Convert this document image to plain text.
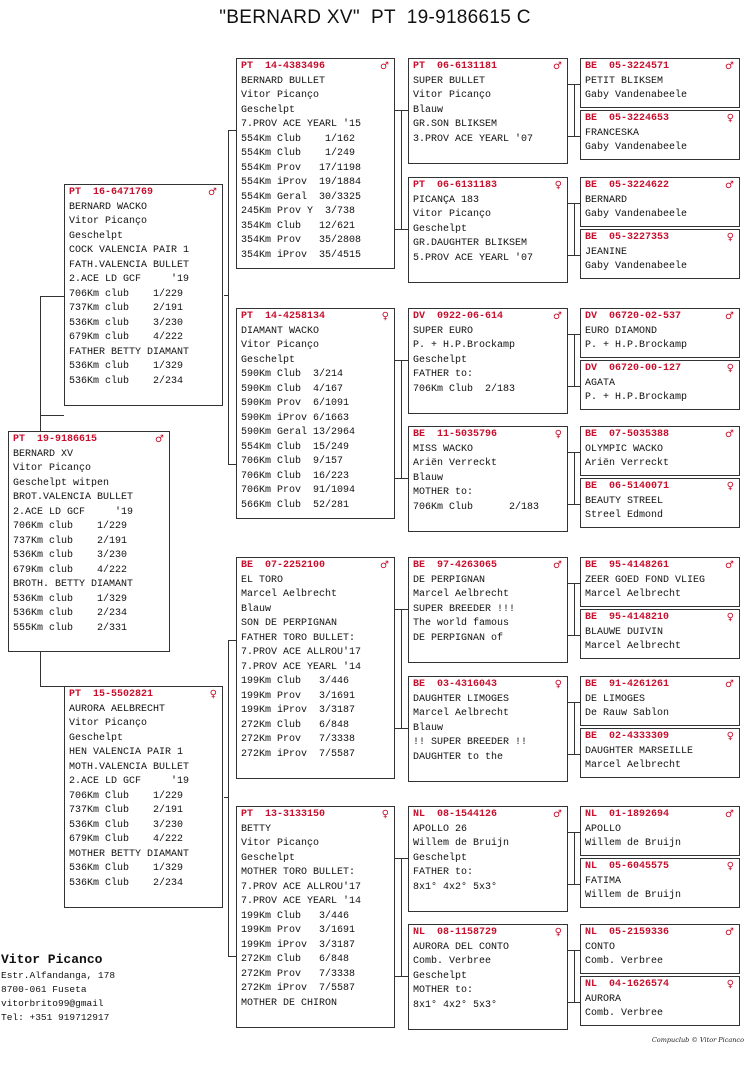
"BERNARD XV"  PT  19-9186615 C
PT  19-9186615	♂
BERNARD XV
Vitor Picanço
Geschelpt witpen
BROT.VALENCIA BULLET
2.ACE LD GCF     '19
706Km club    1/229
737Km club    2/191
536Km club    3/230
679Km club    4/222
BROTH. BETTY DIAMANT
536Km club    1/329
536Km club    2/234
555Km club    2/331
PT  16-6471769	♂
BERNARD WACKO
Vitor Picanço
Geschelpt
COCK VALENCIA PAIR 1
FATH.VALENCIA BULLET
2.ACE LD GCF     '19
706Km club    1/229
737Km club    2/191
536Km club    3/230
679Km club    4/222
FATHER BETTY DIAMANT
536Km club    1/329
536Km club    2/234
PT  15-5502821	♀
AURORA AELBRECHT
Vitor Picanço
Geschelpt
HEN VALENCIA PAIR 1
MOTH.VALENCIA BULLET
2.ACE LD GCF     '19
706Km Club    1/229
737Km Club    2/191
536Km Club    3/230
679Km Club    4/222
MOTHER BETTY DIAMANT
536Km Club    1/329
536Km Club    2/234
PT  14-4383496	♂
BERNARD BULLET
Vitor Picanço
Geschelpt
7.PROV ACE YEARL '15
554Km Club    1/162
554Km Club    1/249
554Km Prov   17/1198
554Km iProv  19/1884
554Km Geral  30/3325
245Km Prov Y  3/738
354Km Club   12/621
354Km Prov   35/2808
354Km iProv  35/4515
PT  14-4258134	♀
DIAMANT WACKO
Vitor Picanço
Geschelpt
590Km Club  3/214
590Km Club  4/167
590Km Prov  6/1091
590Km iProv 6/1663
590Km Geral 13/2964
554Km Club  15/249
706Km Club  9/157
706Km Club  16/223
706Km Prov  91/1094
566Km Club  52/281
BE  07-2252100	♂
EL TORO
Marcel Aelbrecht
Blauw
SON DE PERPIGNAN
FATHER TORO BULLET:
7.PROV ACE ALLROU'17
7.PROV ACE YEARL '14
199Km Club   3/446
199Km Prov   3/1691
199Km iProv  3/3187
272Km Club   6/848
272Km Prov   7/3338
272Km iProv  7/5587
PT  13-3133150	♀
BETTY
Vitor Picanço
Geschelpt
MOTHER TORO BULLET:
7.PROV ACE ALLROU'17
7.PROV ACE YEARL '14
199Km Club   3/446
199Km Prov   3/1691
199Km iProv  3/3187
272Km Club   6/848
272Km Prov   7/3338
272Km iProv  7/5587
MOTHER DE CHIRON
PT  06-6131181	♂
SUPER BULLET
Vitor Picanço
Blauw
GR.SON BLIKSEM
3.PROV ACE YEARL '07
PT  06-6131183	♀
PICANÇA 183
Vitor Picanço
Geschelpt
GR.DAUGHTER BLIKSEM
5.PROV ACE YEARL '07
DV  0922-06-614	♂
SUPER EURO
P. + H.P.Brockamp
Geschelpt
FATHER to:
706Km Club  2/183
BE  11-5035796	♀
MISS WACKO
Ariën Verreckt
Blauw
MOTHER to:
706Km Club      2/183
BE  97-4263065	♂
DE PERPIGNAN
Marcel Aelbrecht
SUPER BREEDER !!!
The world famous
DE PERPIGNAN of
BE  03-4316043	♀
DAUGHTER LIMOGES
Marcel Aelbrecht
Blauw
!! SUPER BREEDER !!
DAUGHTER to the
NL  08-1544126	♂
APOLLO 26
Willem de Bruijn
Geschelpt
FATHER to:
8x1° 4x2° 5x3°
NL  08-1158729	♀
AURORA DEL CONTO
Comb. Verbree
Geschelpt
MOTHER to:
8x1° 4x2° 5x3°
BE  05-3224571	♂
PETIT BLIKSEM
Gaby Vandenabeele
BE  05-3224653	♀
FRANCESKA
Gaby Vandenabeele
BE  05-3224622	♂
BERNARD
Gaby Vandenabeele
BE  05-3227353	♀
JEANINE
Gaby Vandenabeele
DV  06720-02-537	♂
EURO DIAMOND
P. + H.P.Brockamp
DV  06720-00-127	♀
AGATA
P. + H.P.Brockamp
BE  07-5035388	♂
OLYMPIC WACKO
Ariën Verreckt
BE  06-5140071	♀
BEAUTY STREEL
Streel Edmond
BE  95-4148261	♂
ZEER GOED FOND VLIEG
Marcel Aelbrecht
BE  95-4148210	♀
BLAUWE DUIVIN
Marcel Aelbrecht
BE  91-4261261	♂
DE LIMOGES
De Rauw Sablon
BE  02-4333309	♀
DAUGHTER MARSEILLE
Marcel Aelbrecht
NL  01-1892694	♂
APOLLO
Willem de Bruijn
NL  05-6045575	♀
FATIMA
Willem de Bruijn
NL  05-2159336	♂
CONTO
Comb. Verbree
NL  04-1626574	♀
AURORA
Comb. Verbree
Vitor Picanco
Estr.Alfandanga, 178
8700-061 Fuseta
vitorbrito99@gmail
Tel: +351 919712917
Compuclub © Vitor Picanco
